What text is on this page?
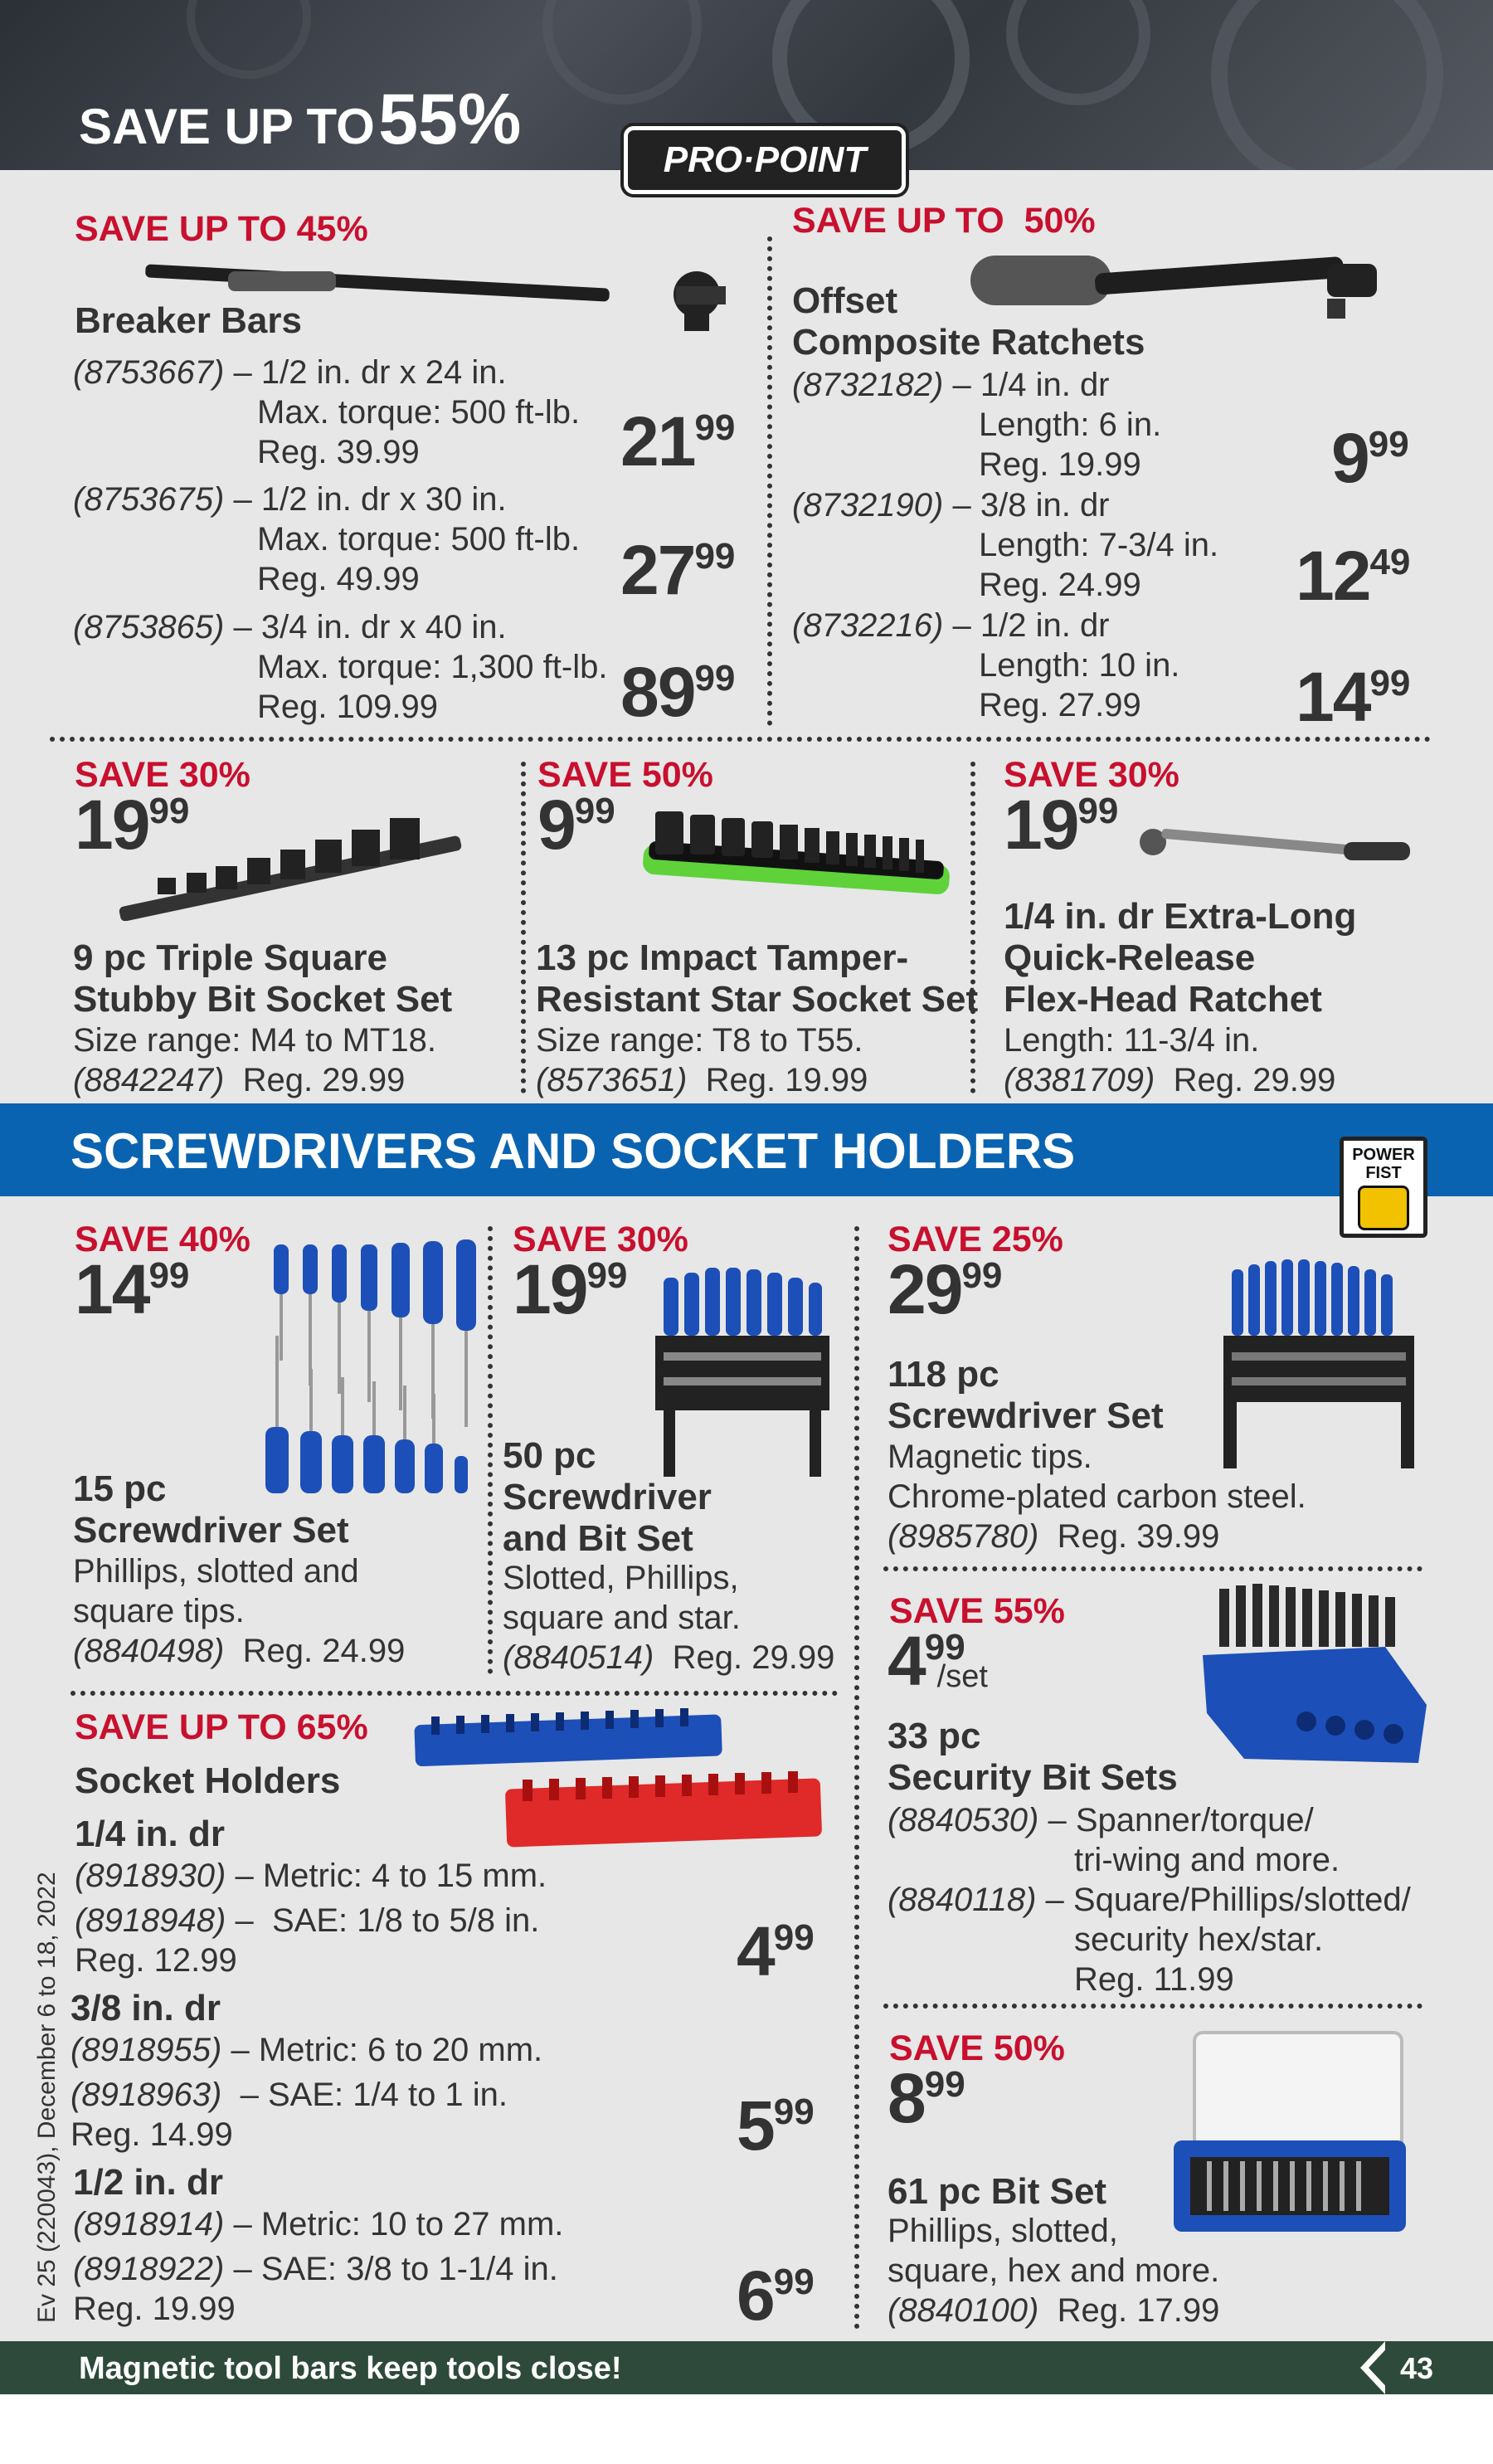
SAVE UP TO 55%
PRO·POINT
SAVE UP TO 45%
Breaker Bars
(8753667) – 1/2 in. dr x 24 in.
Max. torque: 500 ft-lb.
Reg. 39.99	$21^{99}$
(8753675) – 1/2 in. dr x 30 in.
Max. torque: 500 ft-lb.
Reg. 49.99	$27^{99}$
(8753865) – 3/4 in. dr x 40 in.
Max. torque: 1,300 ft-lb.
Reg. 109.99	$89^{99}$
SAVE UP TO  50%
Offset
Composite Ratchets
(8732182) – 1/4 in. dr
Length: 6 in.
Reg. 19.99	$9^{99}$
(8732190) – 3/8 in. dr
Length: 7-3/4 in.
Reg. 24.99	$12^{49}$
(8732216) – 1/2 in. dr
Length: 10 in.
Reg. 27.99	$14^{99}$
SAVE 30%
$19^{99}$
9 pc Triple Square
Stubby Bit Socket Set
Size range: M4 to MT18.
(8842247) Reg. 29.99
SAVE 50%
$9^{99}$
13 pc Impact Tamper-
Resistant Star Socket Set
Size range: T8 to T55.
(8573651) Reg. 19.99
SAVE 30%
$19^{99}$
1/4 in. dr Extra-Long
Quick-Release
Flex-Head Ratchet
Length: 11-3/4 in.
(8381709) Reg. 29.99
SCREWDRIVERS AND SOCKET HOLDERS	POWER
FIST
SAVE 40%
$14^{99}$
15 pc
Screwdriver Set
Phillips, slotted and
square tips.
(8840498) Reg. 24.99
SAVE 30%
$19^{99}$
50 pc
Screwdriver
and Bit Set
Slotted, Phillips,
square and star.
(8840514) Reg. 29.99
SAVE 25%
$29^{99}$
118 pc
Screwdriver Set
Magnetic tips.
Chrome-plated carbon steel.
(8985780) Reg. 39.99
SAVE 55%
$4^{99}$/set
33 pc
Security Bit Sets
(8840530) – Spanner/torque/
tri-wing and more.
(8840118) – Square/Phillips/slotted/
security hex/star.
Reg. 11.99
SAVE 50%
$8^{99}$
61 pc Bit Set
Phillips, slotted,
square, hex and more.
(8840100) Reg. 17.99
SAVE UP TO 65%
Socket Holders
1/4 in. dr
(8918930) – Metric: 4 to 15 mm.
(8918948) –  SAE: 1/8 to 5/8 in.
Reg. 12.99	$4^{99}$
3/8 in. dr
(8918955) – Metric: 6 to 20 mm.
(8918963)  – SAE: 1/4 to 1 in.
Reg. 14.99	$5^{99}$
1/2 in. dr
(8918914) – Metric: 10 to 27 mm.
(8918922) – SAE: 3/8 to 1-1/4 in.
Reg. 19.99	$6^{99}$
Ev 25 (220043), December 6 to 18, 2022
Magnetic tool bars keep tools close!	43
